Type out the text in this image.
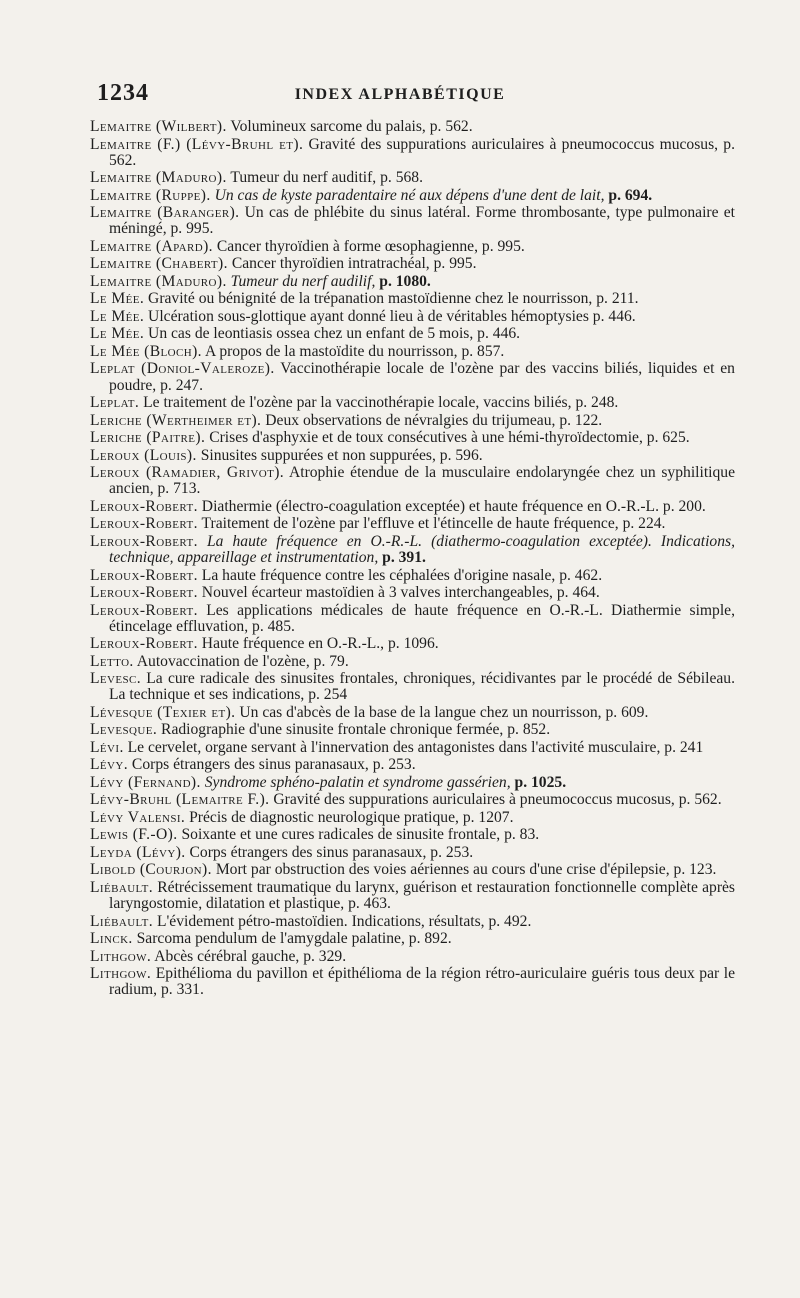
1234	INDEX ALPHABÉTIQUE

Lemaitre (Wilbert). Volumineux sarcome du palais, p. 562.

Lemaitre (F.) (Lévy-Bruhl et). Gravité des suppurations auriculaires à pneumococcus mucosus, p. 562.

Lemaitre (Maduro). Tumeur du nerf auditif, p. 568.

Lemaitre (Ruppe). Un cas de kyste paradentaire né aux dépens d'une dent de lait, p. 694.

Lemaitre (Baranger). Un cas de phlébite du sinus latéral. Forme thrombosante, type pulmonaire et méningé, p. 995.

Lemaitre (Apard). Cancer thyroïdien à forme œsophagienne, p. 995.

Lemaitre (Chabert). Cancer thyroïdien intratrachéal, p. 995.

Lemaitre (Maduro). Tumeur du nerf audilif, p. 1080.

Le Mée. Gravité ou bénignité de la trépanation mastoïdienne chez le nourrisson, p. 211.

Le Mée. Ulcération sous-glottique ayant donné lieu à de véritables hémoptysies p. 446.

Le Mée. Un cas de leontiasis ossea chez un enfant de 5 mois, p. 446.

Le Mée (Bloch). A propos de la mastoïdite du nourrisson, p. 857.

Leplat (Doniol-Valeroze). Vaccinothérapie locale de l'ozène par des vaccins biliés, liquides et en poudre, p. 247.

Leplat. Le traitement de l'ozène par la vaccinothérapie locale, vaccins biliés, p. 248.

Leriche (Wertheimer et). Deux observations de névralgies du trijumeau, p. 122.

Leriche (Paitre). Crises d'asphyxie et de toux consécutives à une hémi-thyroïdectomie, p. 625.

Leroux (Louis). Sinusites suppurées et non suppurées, p. 596.

Leroux (Ramadier, Grivot). Atrophie étendue de la musculaire endolaryngée chez un syphilitique ancien, p. 713.

Leroux-Robert. Diathermie (électro-coagulation exceptée) et haute fréquence en O.-R.-L. p. 200.

Leroux-Robert. Traitement de l'ozène par l'effluve et l'étincelle de haute fréquence, p. 224.

Leroux-Robert. La haute fréquence en O.-R.-L. (diathermo-coagulation exceptée). Indications, technique, appareillage et instrumentation, p. 391.

Leroux-Robert. La haute fréquence contre les céphalées d'origine nasale, p. 462.

Leroux-Robert. Nouvel écarteur mastoïdien à 3 valves interchangeables, p. 464.

Leroux-Robert. Les applications médicales de haute fréquence en O.-R.-L. Diathermie simple, étincelage effluvation, p. 485.

Leroux-Robert. Haute fréquence en O.-R.-L., p. 1096.

Letto. Autovaccination de l'ozène, p. 79.

Levesc. La cure radicale des sinusites frontales, chroniques, récidivantes par le procédé de Sébileau. La technique et ses indications, p. 254

Lévesque (Texier et). Un cas d'abcès de la base de la langue chez un nourrisson, p. 609.

Levesque. Radiographie d'une sinusite frontale chronique fermée, p. 852.

Lévi. Le cervelet, organe servant à l'innervation des antagonistes dans l'activité musculaire, p. 241

Lévy. Corps étrangers des sinus paranasaux, p. 253.

Lévy (Fernand). Syndrome sphéno-palatin et syndrome gassérien, p. 1025.

Lévy-Bruhl (Lemaitre F.). Gravité des suppurations auriculaires à pneumococcus mucosus, p. 562.

Lévy Valensi. Précis de diagnostic neurologique pratique, p. 1207.

Lewis (F.-O). Soixante et une cures radicales de sinusite frontale, p. 83.

Leyda (Lévy). Corps étrangers des sinus paranasaux, p. 253.

Libold (Courjon). Mort par obstruction des voies aériennes au cours d'une crise d'épilepsie, p. 123.

Liébault. Rétrécissement traumatique du larynx, guérison et restauration fonctionnelle complète après laryngostomie, dilatation et plastique, p. 463.

Liébault. L'évidement pétro-mastoïdien. Indications, résultats, p. 492.

Linck. Sarcoma pendulum de l'amygdale palatine, p. 892.

Lithgow. Abcès cérébral gauche, p. 329.

Lithgow. Epithélioma du pavillon et épithélioma de la région rétro-auriculaire guéris tous deux par le radium, p. 331.
